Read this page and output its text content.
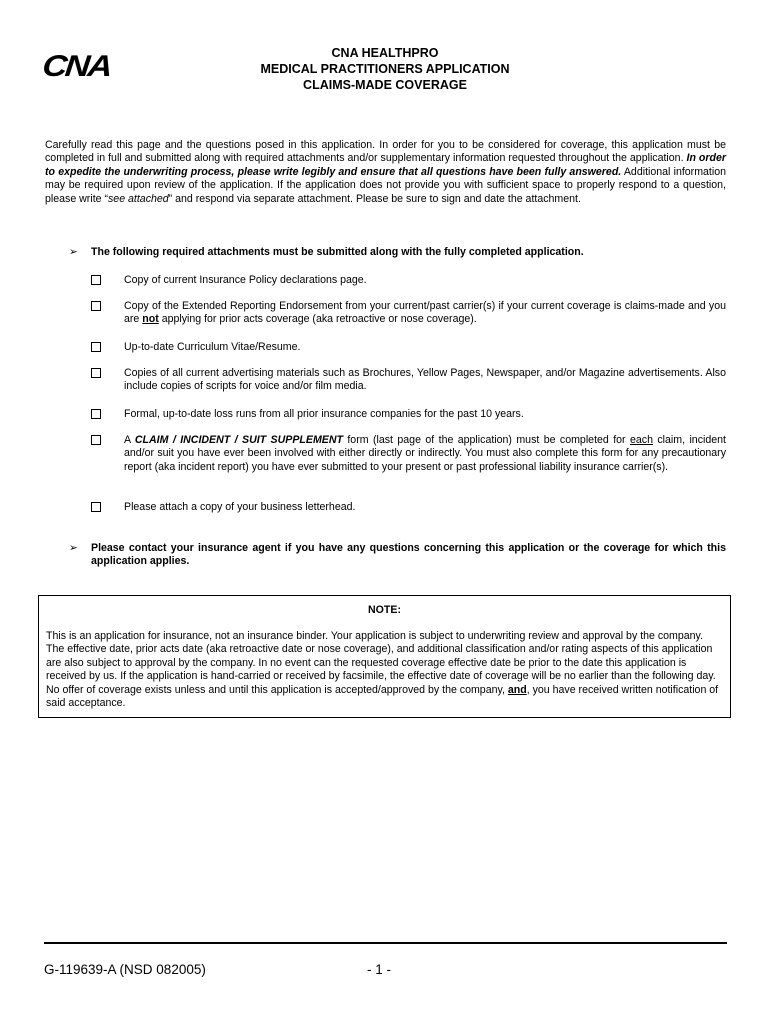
CNA	CNA HEALTHPRO
MEDICAL PRACTITIONERS APPLICATION
CLAIMS-MADE COVERAGE
Carefully read this page and the questions posed in this application. In order for you to be considered for coverage, this application must be completed in full and submitted along with required attachments and/or supplementary information requested throughout the application. In order to expedite the underwriting process, please write legibly and ensure that all questions have been fully answered. Additional information may be required upon review of the application. If the application does not provide you with sufficient space to properly respond to a question, please write “see attached” and respond via separate attachment. Please be sure to sign and date the attachment.
➢ The following required attachments must be submitted along with the fully completed application.
Copy of current Insurance Policy declarations page.
Copy of the Extended Reporting Endorsement from your current/past carrier(s) if your current coverage is claims-made and you are not applying for prior acts coverage (aka retroactive or nose coverage).
Up-to-date Curriculum Vitae/Resume.
Copies of all current advertising materials such as Brochures, Yellow Pages, Newspaper, and/or Magazine advertisements. Also include copies of scripts for voice and/or film media.
Formal, up-to-date loss runs from all prior insurance companies for the past 10 years.
A CLAIM / INCIDENT / SUIT SUPPLEMENT form (last page of the application) must be completed for each claim, incident and/or suit you have ever been involved with either directly or indirectly. You must also complete this form for any precautionary report (aka incident report) you have ever submitted to your present or past professional liability insurance carrier(s).
Please attach a copy of your business letterhead.
➢ Please contact your insurance agent if you have any questions concerning this application or the coverage for which this application applies.
NOTE:
This is an application for insurance, not an insurance binder. Your application is subject to underwriting review and approval by the company. The effective date, prior acts date (aka retroactive date or nose coverage), and additional classification and/or rating aspects of this application are also subject to approval by the company. In no event can the requested coverage effective date be prior to the date this application is received by us. If the application is hand-carried or received by facsimile, the effective date of coverage will be no earlier than the following day. No offer of coverage exists unless and until this application is accepted/approved by the company, and, you have received written notification of said acceptance.
G-119639-A (NSD 082005)	- 1 -
